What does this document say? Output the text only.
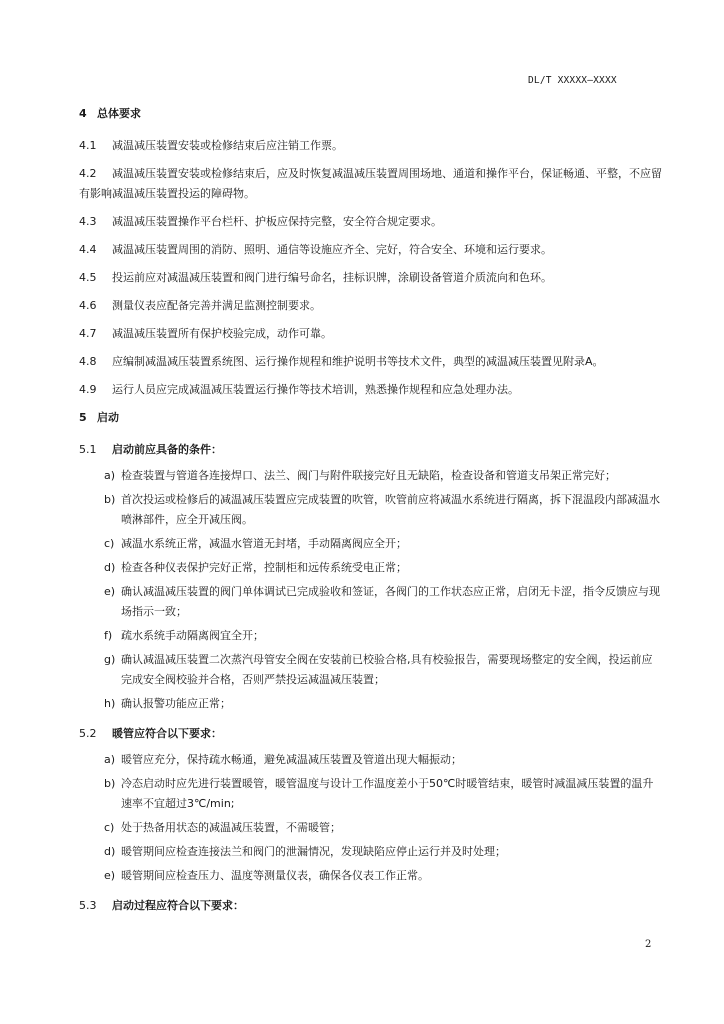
DL/T XXXXX—XXXX
4 总体要求
4.1 减温减压装置安装或检修结束后应注销工作票。
4.2 减温减压装置安装或检修结束后，应及时恢复减温减压装置周围场地、通道和操作平台，保证畅通、平整，不应留有影响减温减压装置投运的障碍物。
4.3 减温减压装置操作平台栏杆、护板应保持完整，安全符合规定要求。
4.4 减温减压装置周围的消防、照明、通信等设施应齐全、完好，符合安全、环境和运行要求。
4.5 投运前应对减温减压装置和阀门进行编号命名，挂标识牌，涂刷设备管道介质流向和色环。
4.6 测量仪表应配备完善并满足监测控制要求。
4.7 减温减压装置所有保护校验完成，动作可靠。
4.8 应编制减温减压装置系统图、运行操作规程和维护说明书等技术文件，典型的减温减压装置见附录A。
4.9 运行人员应完成减温减压装置运行操作等技术培训，熟悉操作规程和应急处理办法。
5 启动
5.1 启动前应具备的条件：
a) 检查装置与管道各连接焊口、法兰、阀门与附件联接完好且无缺陷，检查设备和管道支吊架正常完好；
b) 首次投运或检修后的减温减压装置应完成装置的吹管，吹管前应将减温水系统进行隔离，拆下混温段内部减温水喷淋部件，应全开减压阀。
c) 减温水系统正常，减温水管道无封堵，手动隔离阀应全开；
d) 检查各种仪表保护完好正常，控制柜和远传系统受电正常；
e) 确认减温减压装置的阀门单体调试已完成验收和签证，各阀门的工作状态应正常，启闭无卡涩，指令反馈应与现场指示一致；
f) 疏水系统手动隔离阀宜全开；
g) 确认减温减压装置二次蒸汽母管安全阀在安装前已校验合格,具有校验报告，需要现场整定的安全阀，投运前应完成安全阀校验并合格，否则严禁投运减温减压装置；
h) 确认报警功能应正常；
5.2 暖管应符合以下要求：
a) 暖管应充分，保持疏水畅通，避免减温减压装置及管道出现大幅振动；
b) 冷态启动时应先进行装置暖管，暖管温度与设计工作温度差小于50℃时暖管结束，暖管时减温减压装置的温升速率不宜超过3℃/min;
c) 处于热备用状态的减温减压装置，不需暖管；
d) 暖管期间应检查连接法兰和阀门的泄漏情况，发现缺陷应停止运行并及时处理；
e) 暖管期间应检查压力、温度等测量仪表，确保各仪表工作正常。
5.3 启动过程应符合以下要求：
2
